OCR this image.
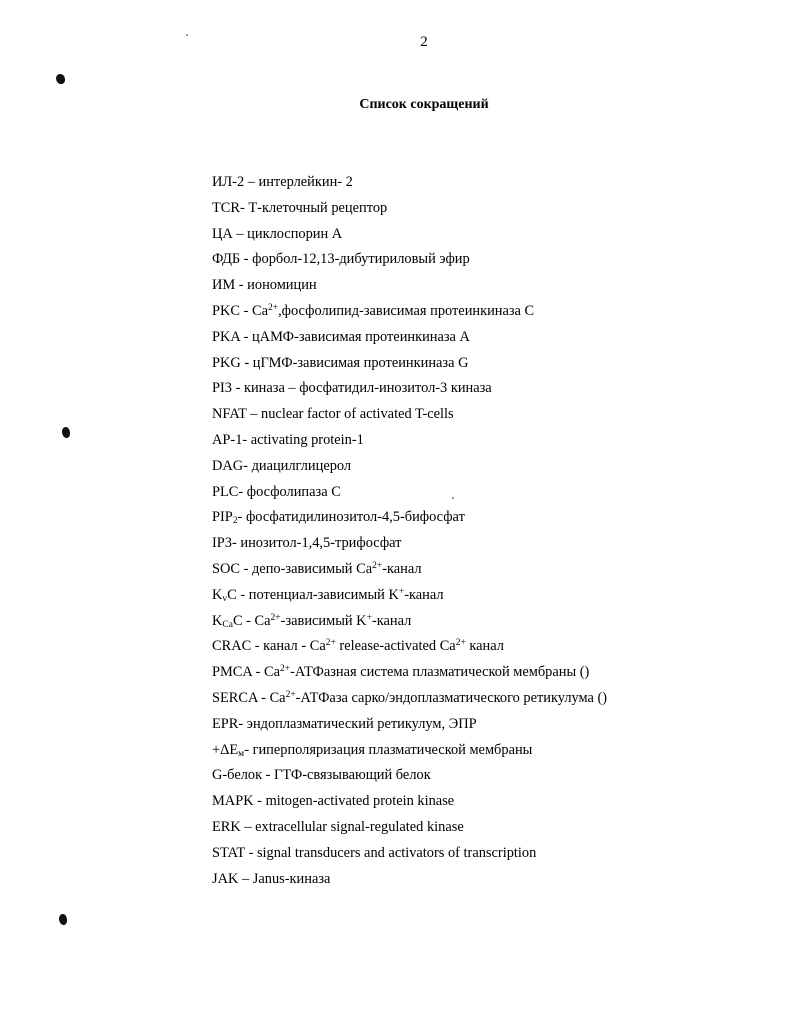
2
Список сокращений
ИЛ-2 – интерлейкин- 2
TCR- Т-клеточный рецептор
ЦА – циклоспорин А
ФДБ - форбол-12,13-дибутириловый эфир
ИМ - иономицин
PKC - $Ca^{2+},фосфолипид$-зависимая протеинкиназа С
PKA - цАМФ-зависимая протеинкиназа А
PKG - цГМФ-зависимая протеинкиназа G
PI3 - киназа – фосфатидил-инозитол-3 киназа
NFAT – nuclear factor of activated T-cells
AP-1- activating protein-1
DAG- диацилглицерол
PLC- фосфолипаза С
$PIP_2-$ фосфатидилинозитол-4,5-бифосфат
IP3- инозитол-1,4,5-трифосфат
SOC - депо-зависимый $Ca^{2+}$-канал
$K_vC$ - потенциал-зависимый K+-канал
$K_{Ca}C$ - $Ca^{2+}$-зависимый K+-канал
CRAC - канал - $Ca^{2+}$ release-activated $Ca^{2+}$ канал
PMCA - $Ca^{2+}$-АТФазная система плазматической мембраны ()
SERCA - $Ca^{2+}$-АТФаза сарко/эндоплазматического ретикулума ()
EPR- эндоплазматический ретикулум, ЭПР
$+\Delta E_м-$ гиперполяризация плазматической мембраны
G-белок - ГТФ-связывающий белок
MAPK - mitogen-activated protein kinase
ERK – extracellular signal-regulated kinase
STAT - signal transducers and activators of transcription
JAK – Janus-киназа
